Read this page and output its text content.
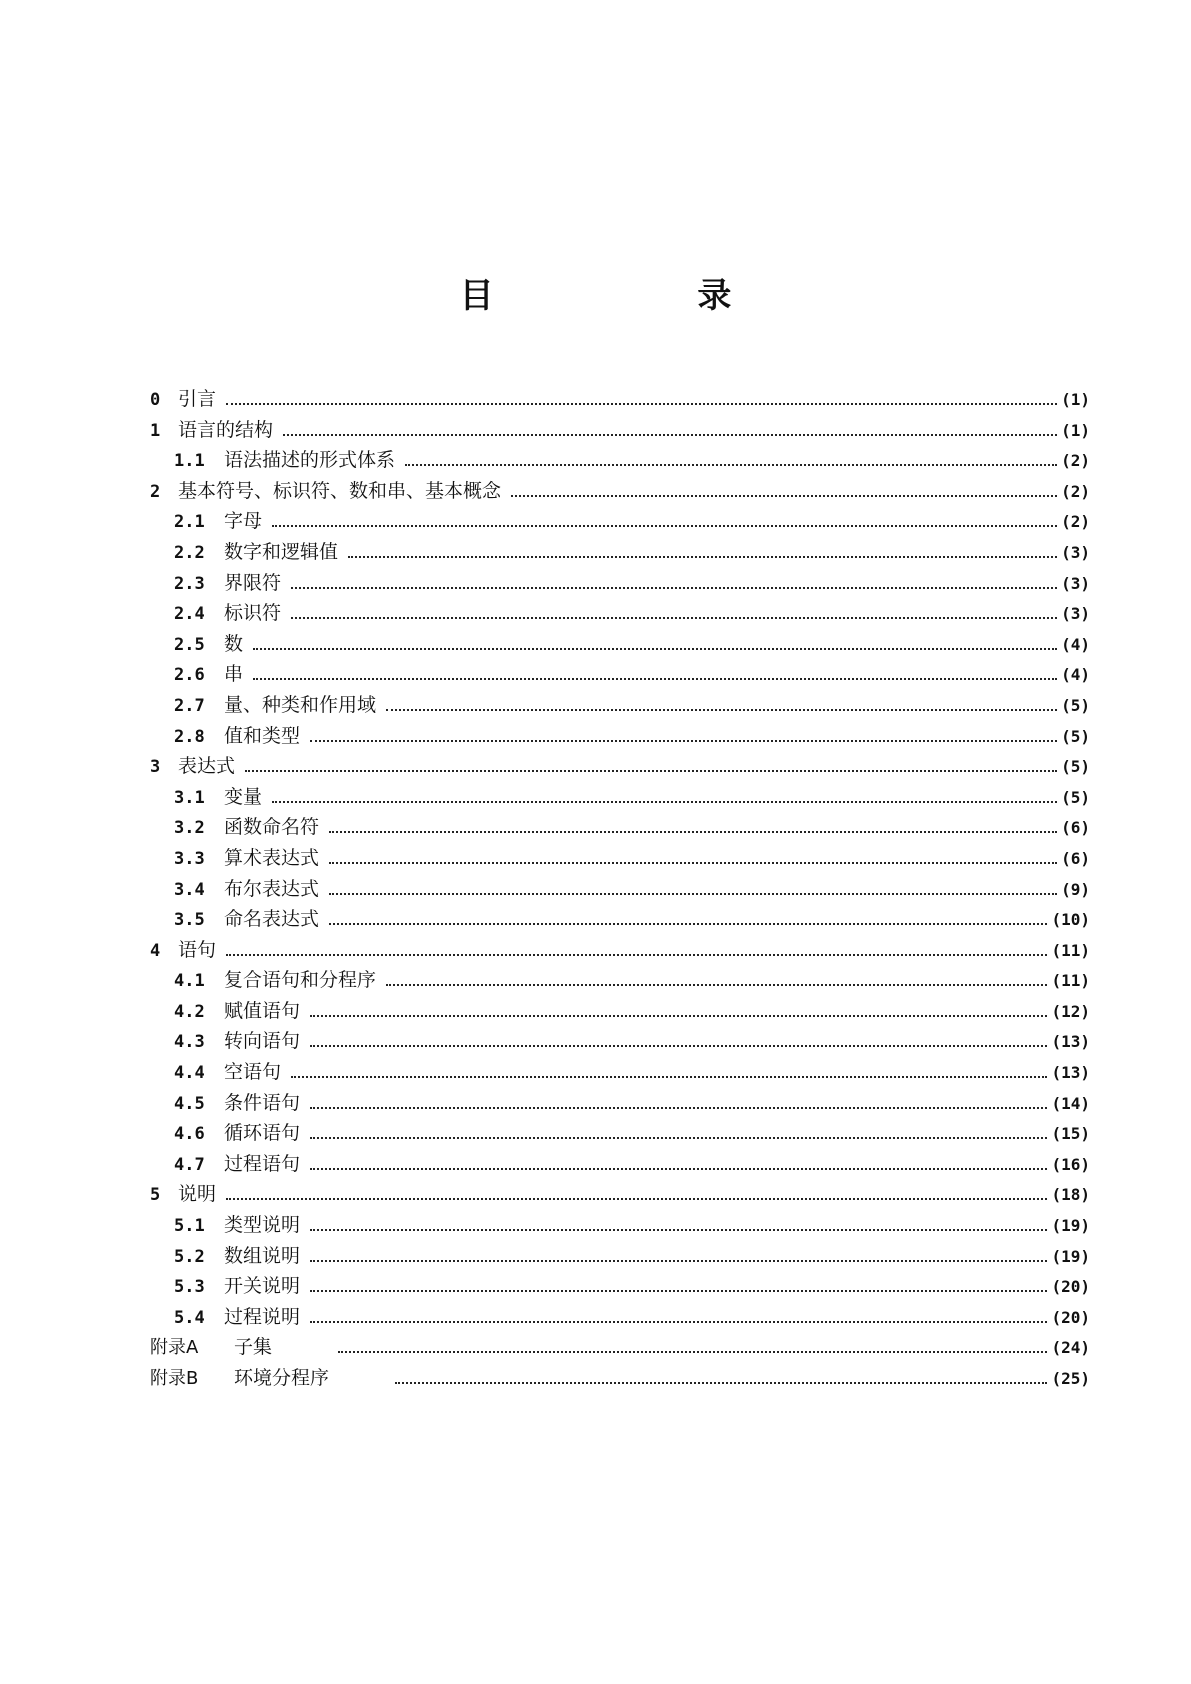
目 录
0 引言	(1)
1 语言的结构	(1)
1.1	语法描述的形式体系	(2)
2 基本符号、标识符、数和串、基本概念	(2)
2.1	字母	(2)
2.2	数字和逻辑值	(3)
2.3	界限符	(3)
2.4	标识符	(3)
2.5	数	(4)
2.6	串	(4)
2.7	量、种类和作用域	(5)
2.8	值和类型	(5)
3 表达式	(5)
3.1	变量	(5)
3.2	函数命名符	(6)
3.3	算术表达式	(6)
3.4	布尔表达式	(9)
3.5	命名表达式	(10)
4 语句	(11)
4.1	复合语句和分程序	(11)
4.2	赋值语句	(12)
4.3	转向语句	(13)
4.4	空语句	(13)
4.5	条件语句	(14)
4.6	循环语句	(15)
4.7	过程语句	(16)
5 说明	(18)
5.1	类型说明	(19)
5.2	数组说明	(19)
5.3	开关说明	(20)
5.4	过程说明	(20)
附录A	子集	(24)
附录B	环境分程序	(25)
